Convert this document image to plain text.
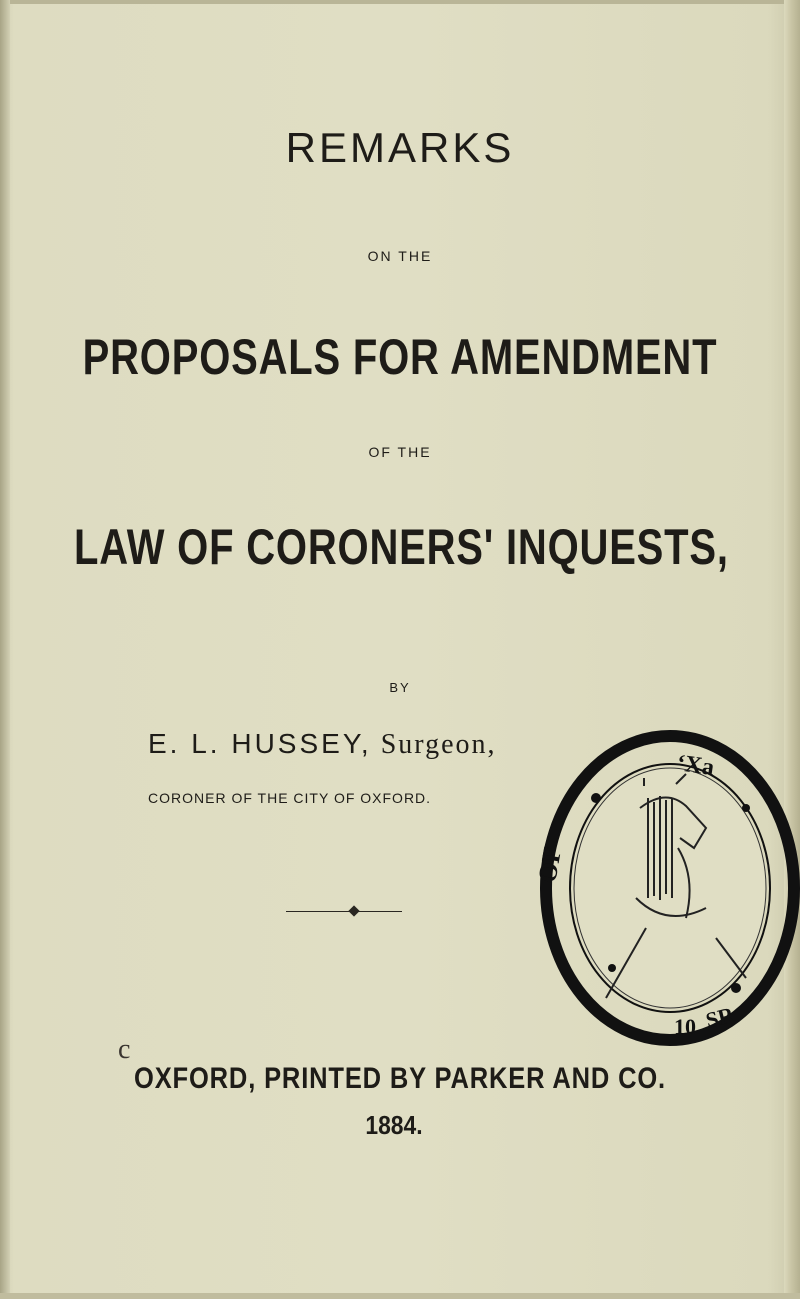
REMARKS
ON THE
PROPOSALS FOR AMENDMENT
OF THE
LAW OF CORONERS' INQUESTS,
BY
E. L. HUSSEY, Surgeon,
CORONER OF THE CITY OF OXFORD.
OF
‘Xa
10 SR
c
OXFORD, PRINTED BY PARKER AND CO.
1884.
